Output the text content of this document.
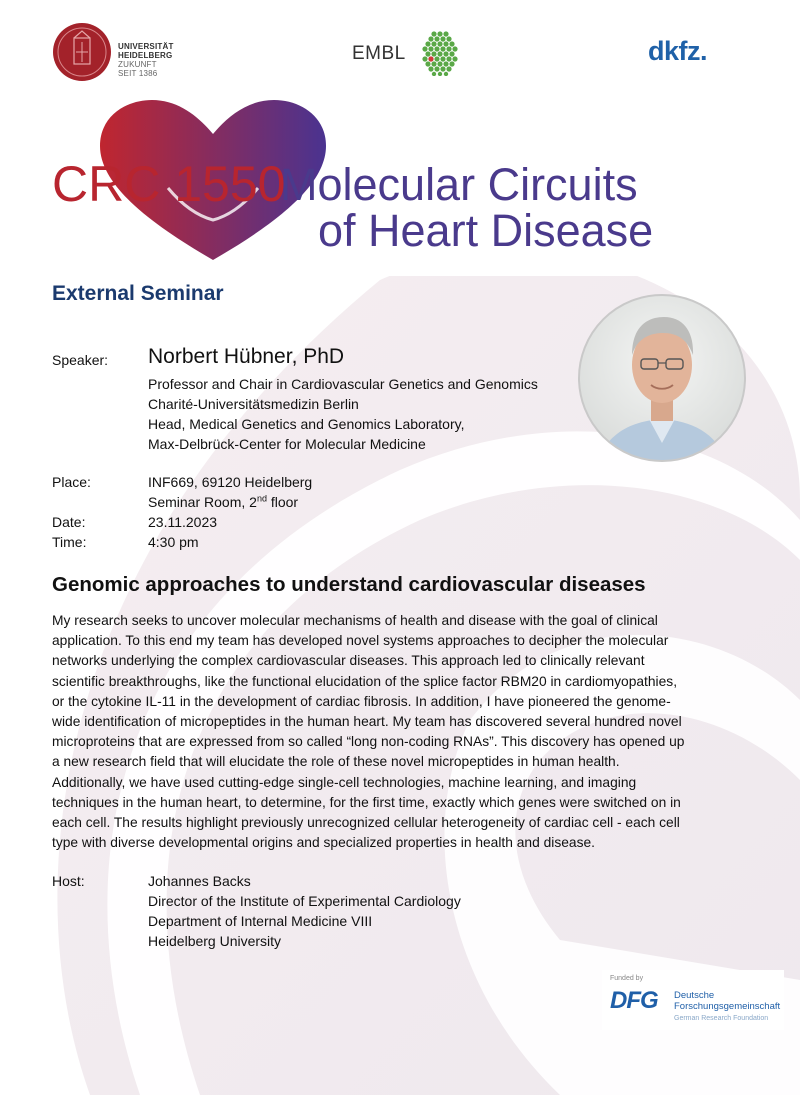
UNIVERSITÄT
HEIDELBERG
ZUKUNFT
SEIT 1386
EMBL	dkfz.
CRC 1550
Molecular Circuits
of Heart Disease
External Seminar
Speaker: Norbert Hübner, PhD
Professor and Chair in Cardiovascular Genetics and Genomics
Charité-Universitätsmedizin Berlin
Head, Medical Genetics and Genomics Laboratory,
Max-Delbrück-Center for Molecular Medicine
Place:	INF669, 69120 Heidelberg
Seminar Room, 2nd floor
Date:	23.11.2023
Time:	4:30 pm
Genomic approaches to understand cardiovascular diseases
My research seeks to uncover molecular mechanisms of health and disease with the goal of clinical
application. To this end my team has developed novel systems approaches to decipher the molecular
networks underlying the complex cardiovascular diseases. This approach led to clinically relevant
scientific breakthroughs, like the functional elucidation of the splice factor RBM20 in cardiomyopathies,
or the cytokine IL-11 in the development of cardiac fibrosis. In addition, I have pioneered the genome-
wide identification of micropeptides in the human heart. My team has discovered several hundred novel
microproteins that are expressed from so called “long non-coding RNAs”. This discovery has opened up
a new research field that will elucidate the role of these novel micropeptides in human health.
Additionally, we have used cutting-edge single-cell technologies, machine learning, and imaging
techniques in the human heart, to determine, for the first time, exactly which genes were switched on in
each cell. The results highlight previously unrecognized cellular heterogeneity of cardiac cell - each cell
type with diverse developmental origins and specialized properties in health and disease.
Host:	Johannes Backs
Director of the Institute of Experimental Cardiology
Department of Internal Medicine VIII
Heidelberg University
Funded by
DFG Deutsche
Forschungsgemeinschaft
German Research Foundation
